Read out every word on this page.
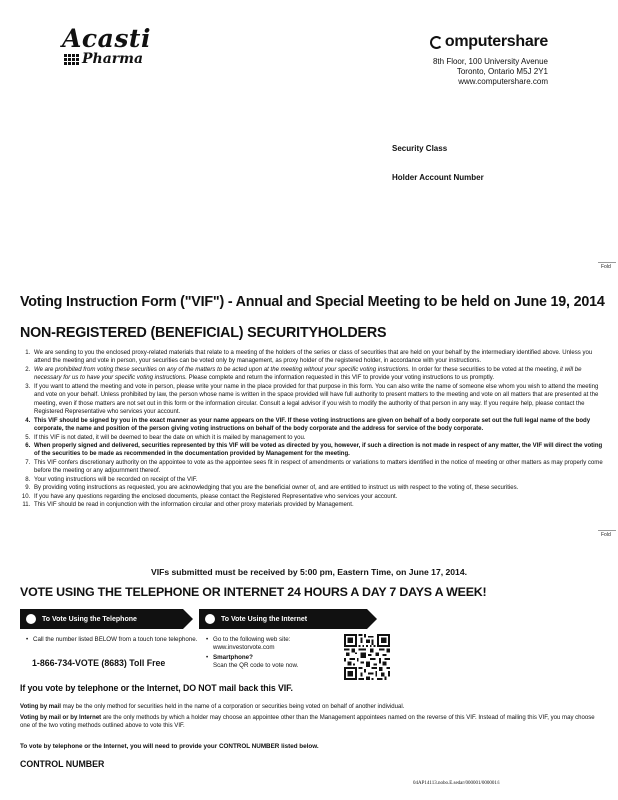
Acasti
Pharma
omputershare
8th Floor, 100 University Avenue
Toronto, Ontario M5J 2Y1
www.computershare.com
Security Class
Holder Account Number
Fold
Fold
Voting Instruction Form ("VIF") - Annual and Special Meeting to be held on June 19, 2014
NON-REGISTERED (BENEFICIAL) SECURITYHOLDERS
1. We are sending to you the enclosed proxy-related materials that relate to a meeting of the holders of the series or class of securities that are held on your behalf by the intermediary identified above. Unless you attend the meeting and vote in person, your securities can be voted only by management, as proxy holder of the registered holder, in accordance with your instructions.
2. We are prohibited from voting these securities on any of the matters to be acted upon at the meeting without your specific voting instructions. In order for these securities to be voted at the meeting, it will be necessary for us to have your specific voting instructions. Please complete and return the information requested in this VIF to provide your voting instructions to us promptly.
3. If you want to attend the meeting and vote in person, please write your name in the place provided for that purpose in this form. You can also write the name of someone else whom you wish to attend the meeting and vote on your behalf. Unless prohibited by law, the person whose name is written in the space provided will have full authority to present matters to the meeting and vote on all matters that are presented at the meeting, even if those matters are not set out in this form or the information circular. Consult a legal advisor if you wish to modify the authority of that person in any way. If you require help, please contact the Registered Representative who services your account.
4. This VIF should be signed by you in the exact manner as your name appears on the VIF. If these voting instructions are given on behalf of a body corporate set out the full legal name of the body corporate, the name and position of the person giving voting instructions on behalf of the body corporate and the address for service of the body corporate.
5. If this VIF is not dated, it will be deemed to bear the date on which it is mailed by management to you.
6. When properly signed and delivered, securities represented by this VIF will be voted as directed by you, however, if such a direction is not made in respect of any matter, the VIF will direct the voting of the securities to be made as recommended in the documentation provided by Management for the meeting.
7. This VIF confers discretionary authority on the appointee to vote as the appointee sees fit in respect of amendments or variations to matters identified in the notice of meeting or other matters as may properly come before the meeting or any adjournment thereof.
8. Your voting instructions will be recorded on receipt of the VIF.
9. By providing voting instructions as requested, you are acknowledging that you are the beneficial owner of, and are entitled to instruct us with respect to the voting of, these securities.
10. If you have any questions regarding the enclosed documents, please contact the Registered Representative who services your account.
11. This VIF should be read in conjunction with the information circular and other proxy materials provided by Management.
VIFs submitted must be received by 5:00 pm, Eastern Time, on June 17, 2014.
VOTE USING THE TELEPHONE OR INTERNET 24 HOURS A DAY 7 DAYS A WEEK!
To Vote Using the Telephone	To Vote Using the Internet
• Call the number listed BELOW from a touch tone telephone.
1-866-734-VOTE (8683) Toll Free
• Go to the following web site:
www.investorvote.com
• Smartphone?
Scan the QR code to vote now.
If you vote by telephone or the Internet, DO NOT mail back this VIF.
Voting by mail may be the only method for securities held in the name of a corporation or securities being voted on behalf of another individual.
Voting by mail or by Internet are the only methods by which a holder may choose an appointee other than the Management appointees named on the reverse of this VIF. Instead of mailing this VIF, you may choose one of the two voting methods outlined above to vote this VIF.
To vote by telephone or the Internet, you will need to provide your CONTROL NUMBER listed below.
CONTROL NUMBER
04AP14113.nobo.E.sedar/000001/000001/i
